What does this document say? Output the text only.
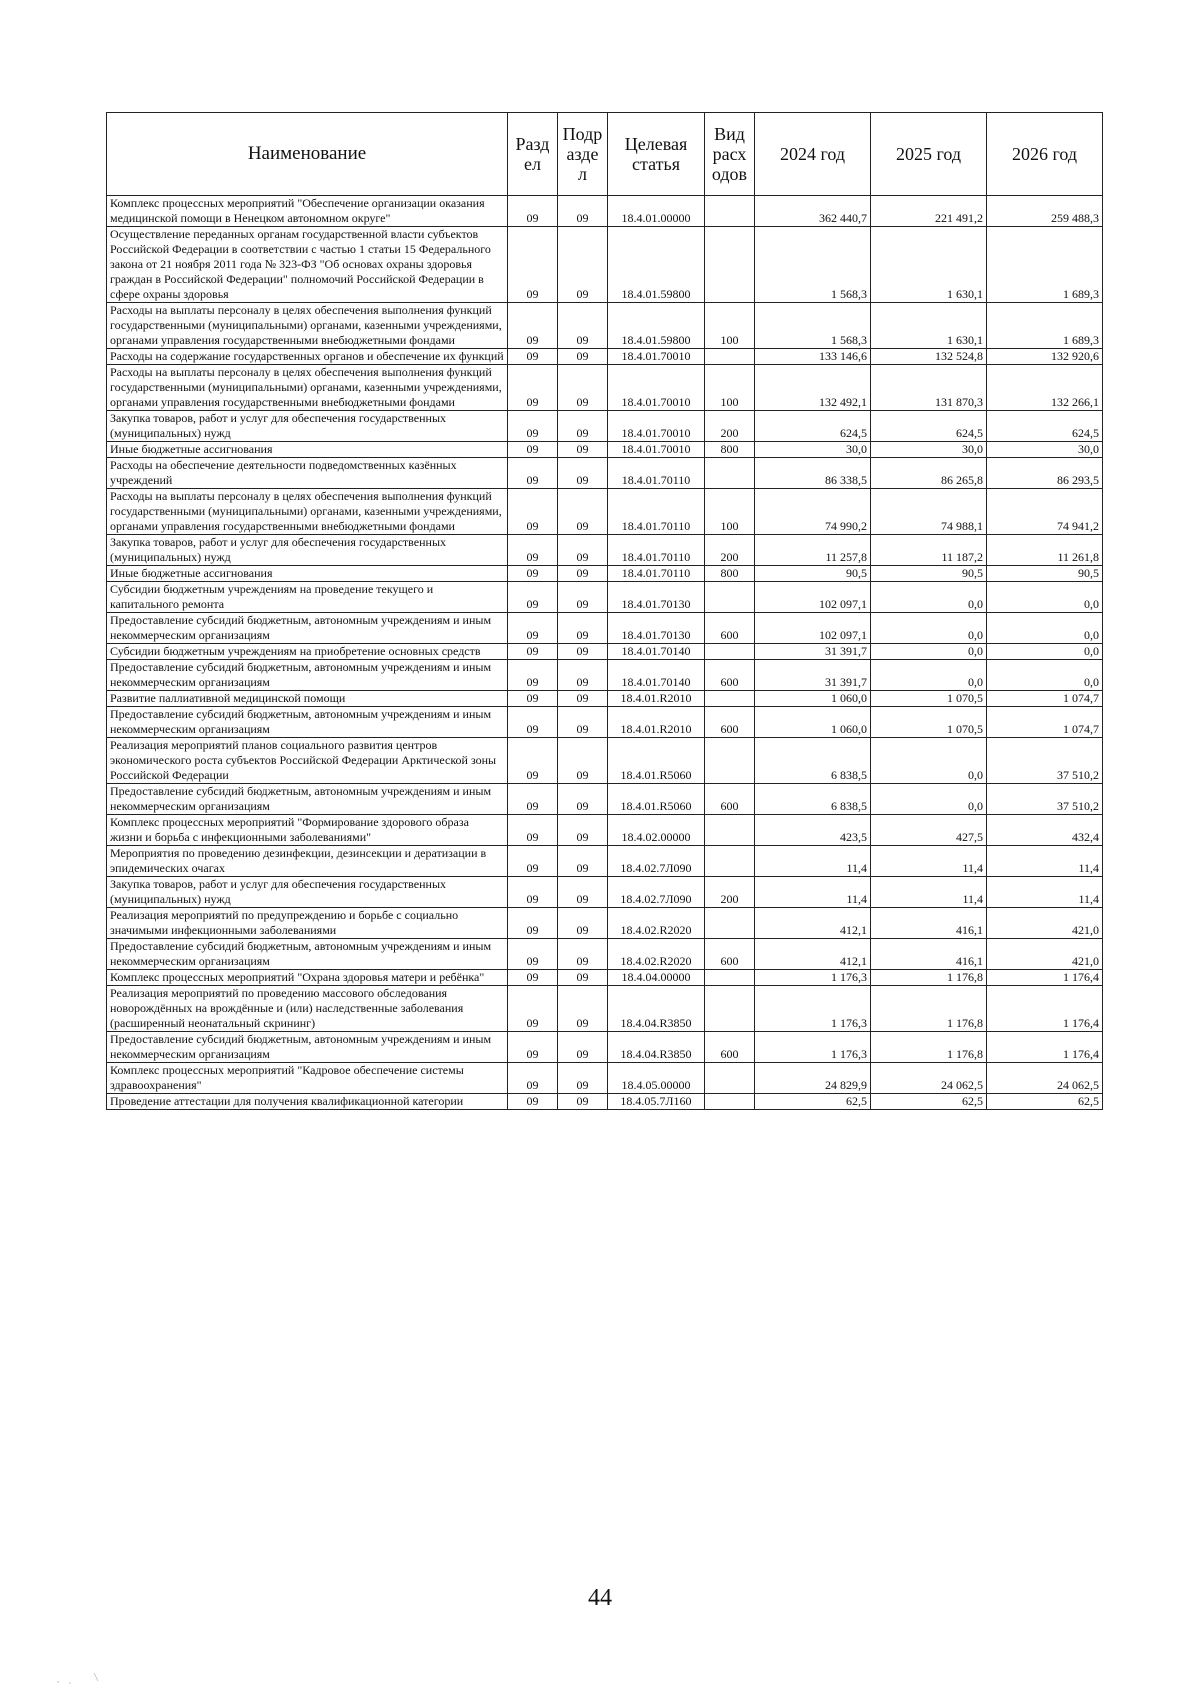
Наименование	Разд ел	Подр азде л	Целевая статья	Вид расх одов	2024 год	2025 год	2026 год
Комплекс процессных мероприятий "Обеспечение организации оказания медицинской помощи в Ненецком автономном округе"	09	09	18.4.01.00000		362 440,7	221 491,2	259 488,3
Осуществление переданных органам государственной власти субъектов Российской Федерации в соответствии с частью 1 статьи 15 Федерального закона от 21 ноября 2011 года № 323-ФЗ "Об основах охраны здоровья граждан в Российской Федерации" полномочий Российской Федерации в сфере охраны здоровья	09	09	18.4.01.59800		1 568,3	1 630,1	1 689,3
Расходы на выплаты персоналу в целях обеспечения выполнения функций государственными (муниципальными) органами, казенными учреждениями, органами управления государственными внебюджетными фондами	09	09	18.4.01.59800	100	1 568,3	1 630,1	1 689,3
Расходы на содержание государственных органов и обеспечение их функций	09	09	18.4.01.70010		133 146,6	132 524,8	132 920,6
Расходы на выплаты персоналу в целях обеспечения выполнения функций государственными (муниципальными) органами, казенными учреждениями, органами управления государственными внебюджетными фондами	09	09	18.4.01.70010	100	132 492,1	131 870,3	132 266,1
Закупка товаров, работ и услуг для обеспечения государственных (муниципальных) нужд	09	09	18.4.01.70010	200	624,5	624,5	624,5
Иные бюджетные ассигнования	09	09	18.4.01.70010	800	30,0	30,0	30,0
Расходы на обеспечение деятельности подведомственных казённых учреждений	09	09	18.4.01.70110		86 338,5	86 265,8	86 293,5
Расходы на выплаты персоналу в целях обеспечения выполнения функций государственными (муниципальными) органами, казенными учреждениями, органами управления государственными внебюджетными фондами	09	09	18.4.01.70110	100	74 990,2	74 988,1	74 941,2
Закупка товаров, работ и услуг для обеспечения государственных (муниципальных) нужд	09	09	18.4.01.70110	200	11 257,8	11 187,2	11 261,8
Иные бюджетные ассигнования	09	09	18.4.01.70110	800	90,5	90,5	90,5
Субсидии бюджетным учреждениям на проведение текущего и капитального ремонта	09	09	18.4.01.70130		102 097,1	0,0	0,0
Предоставление субсидий бюджетным, автономным учреждениям и иным некоммерческим организациям	09	09	18.4.01.70130	600	102 097,1	0,0	0,0
Субсидии бюджетным учреждениям на приобретение основных средств	09	09	18.4.01.70140		31 391,7	0,0	0,0
Предоставление субсидий бюджетным, автономным учреждениям и иным некоммерческим организациям	09	09	18.4.01.70140	600	31 391,7	0,0	0,0
Развитие паллиативной медицинской помощи	09	09	18.4.01.R2010		1 060,0	1 070,5	1 074,7
Предоставление субсидий бюджетным, автономным учреждениям и иным некоммерческим организациям	09	09	18.4.01.R2010	600	1 060,0	1 070,5	1 074,7
Реализация мероприятий планов социального развития центров экономического роста субъектов Российской Федерации Арктической зоны Российской Федерации	09	09	18.4.01.R5060		6 838,5	0,0	37 510,2
Предоставление субсидий бюджетным, автономным учреждениям и иным некоммерческим организациям	09	09	18.4.01.R5060	600	6 838,5	0,0	37 510,2
Комплекс процессных мероприятий "Формирование здорового образа жизни и борьба с инфекционными заболеваниями"	09	09	18.4.02.00000		423,5	427,5	432,4
Мероприятия по проведению дезинфекции, дезинсекции и дератизации в эпидемических очагах	09	09	18.4.02.7Л090		11,4	11,4	11,4
Закупка товаров, работ и услуг для обеспечения государственных (муниципальных) нужд	09	09	18.4.02.7Л090	200	11,4	11,4	11,4
Реализация мероприятий по предупреждению и борьбе с социально значимыми инфекционными заболеваниями	09	09	18.4.02.R2020		412,1	416,1	421,0
Предоставление субсидий бюджетным, автономным учреждениям и иным некоммерческим организациям	09	09	18.4.02.R2020	600	412,1	416,1	421,0
Комплекс процессных мероприятий "Охрана здоровья матери и ребёнка"	09	09	18.4.04.00000		1 176,3	1 176,8	1 176,4
Реализация мероприятий по проведению массового обследования новорождённых на врождённые и (или) наследственные заболевания (расширенный неонатальный скрининг)	09	09	18.4.04.R3850		1 176,3	1 176,8	1 176,4
Предоставление субсидий бюджетным, автономным учреждениям и иным некоммерческим организациям	09	09	18.4.04.R3850	600	1 176,3	1 176,8	1 176,4
Комплекс процессных мероприятий "Кадровое обеспечение системы здравоохранения"	09	09	18.4.05.00000		24 829,9	24 062,5	24 062,5
Проведение аттестации для получения квалификационной категории	09	09	18.4.05.7Л160		62,5	62,5	62,5
44
